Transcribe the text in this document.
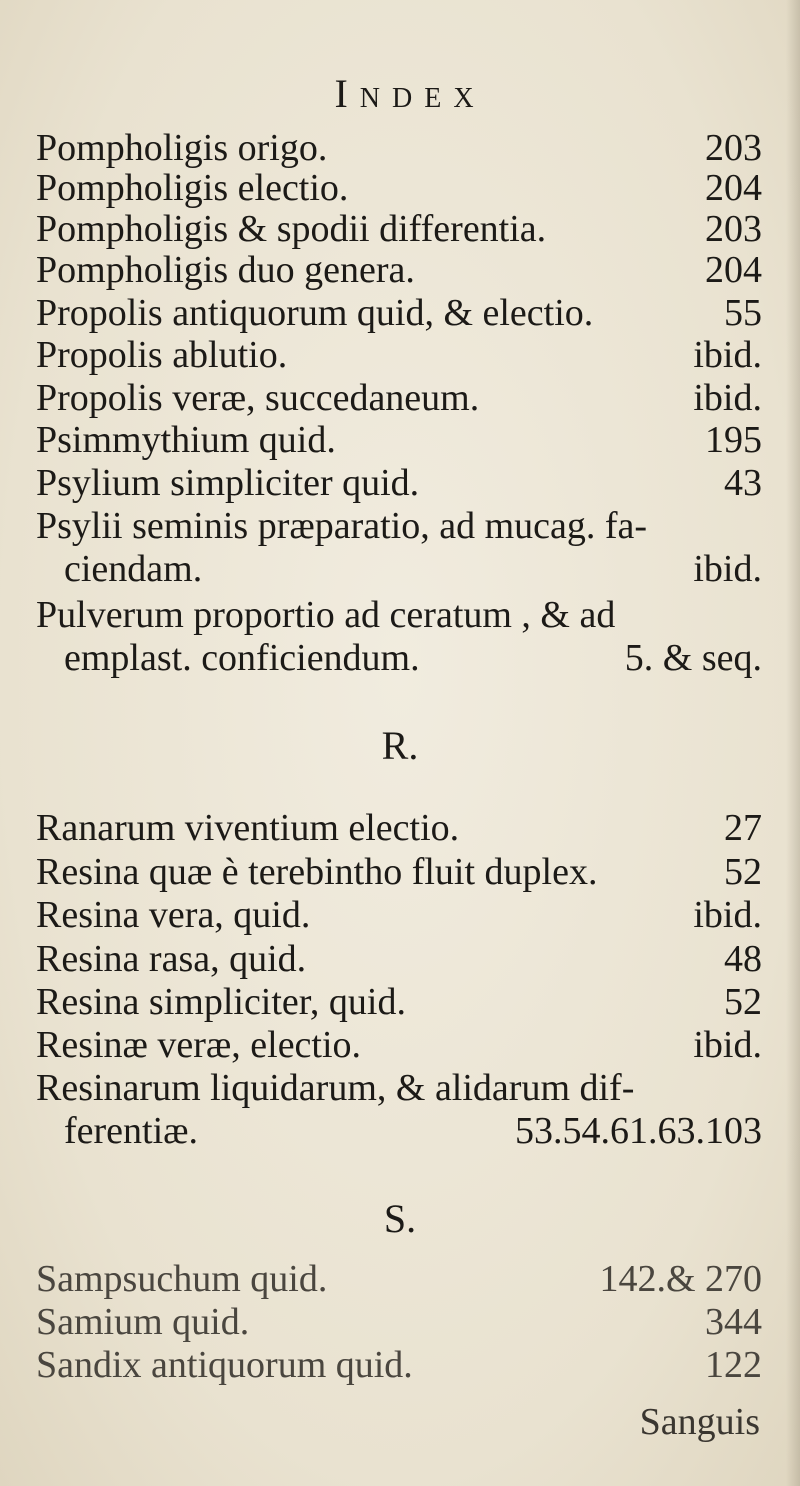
Index
Pompholigis origo.	203
Pompholigis electio.	204
Pompholigis & spodii differentia.	203
Pompholigis duo genera.	204
Propolis antiquorum quid, & electio.	55
Propolis ablutio.	ibid.
Propolis veræ, succedaneum.	ibid.
Psimmythium quid.	195
Psylium simpliciter quid.	43
Psylii seminis præparatio, ad mucag. fa-
ciendam.	ibid.
Pulverum proportio ad ceratum , & ad
emplast. conficiendum.	5. & seq.
R.
Ranarum viventium electio.	27
Resina quæ è terebintho fluit duplex.	52
Resina vera, quid.	ibid.
Resina rasa, quid.	48
Resina simpliciter, quid.	52
Resinæ veræ, electio.	ibid.
Resinarum liquidarum, & alidarum dif-
ferentiæ.	53.54.61.63.103
S.
Sampsuchum quid.	142.& 270
Samium quid.	344
Sandix antiquorum quid.	122
Sanguis
